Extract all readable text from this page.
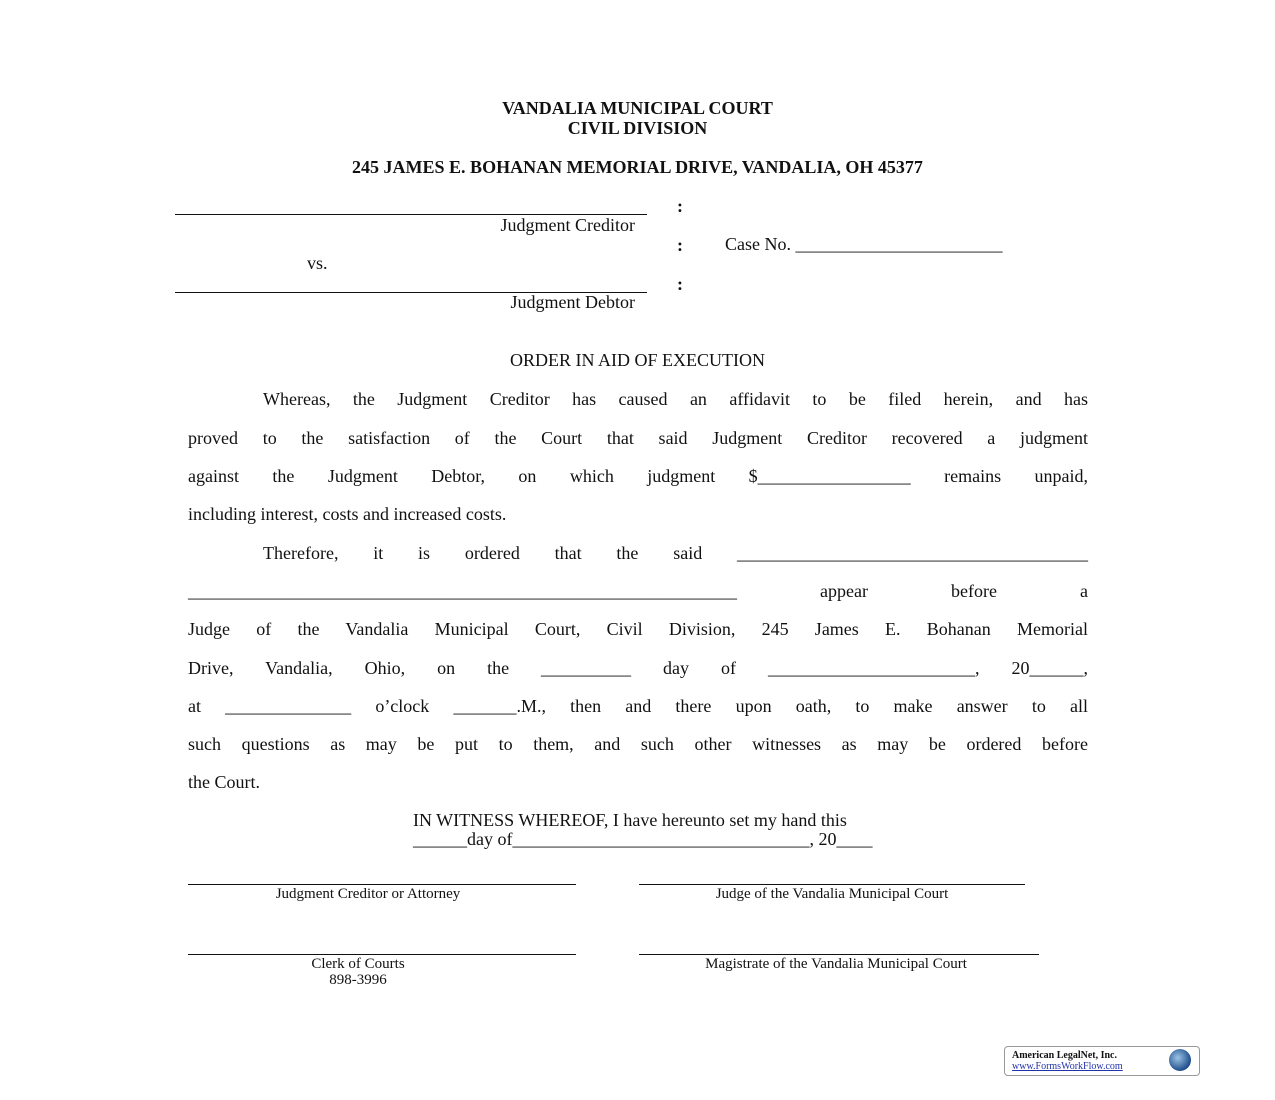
VANDALIA MUNICIPAL COURT
CIVIL DIVISION
245 JAMES E. BOHANAN MEMORIAL DRIVE, VANDALIA, OH 45377
Judgment Creditor
vs.
Judgment Debtor
:
:
:
Case No. _______________________
ORDER IN AID OF EXECUTION
Whereas, the Judgment Creditor has caused an affidavit to be filed herein, and has
proved to the satisfaction of the Court that said Judgment Creditor recovered a judgment
against the Judgment Debtor, on which judgment $_________________ remains unpaid,
including interest, costs and increased costs.
Therefore, it is ordered that the said _______________________________________
_____________________________________________________________ appear before a
Judge of the Vandalia Municipal Court, Civil Division, 245 James E. Bohanan Memorial
Drive, Vandalia, Ohio, on the __________ day of _______________________, 20______,
at ______________ o’clock _______.M., then and there upon oath, to make answer to all
such questions as may be put to them, and such other witnesses as may be ordered before
the Court.
IN WITNESS WHEREOF, I have hereunto set my hand this
______day of_________________________________, 20____
Judgment Creditor or Attorney	Judge of the Vandalia Municipal Court
Clerk of Courts
898-3996
Magistrate of the Vandalia Municipal Court
American LegalNet, Inc.
www.FormsWorkFlow.com
